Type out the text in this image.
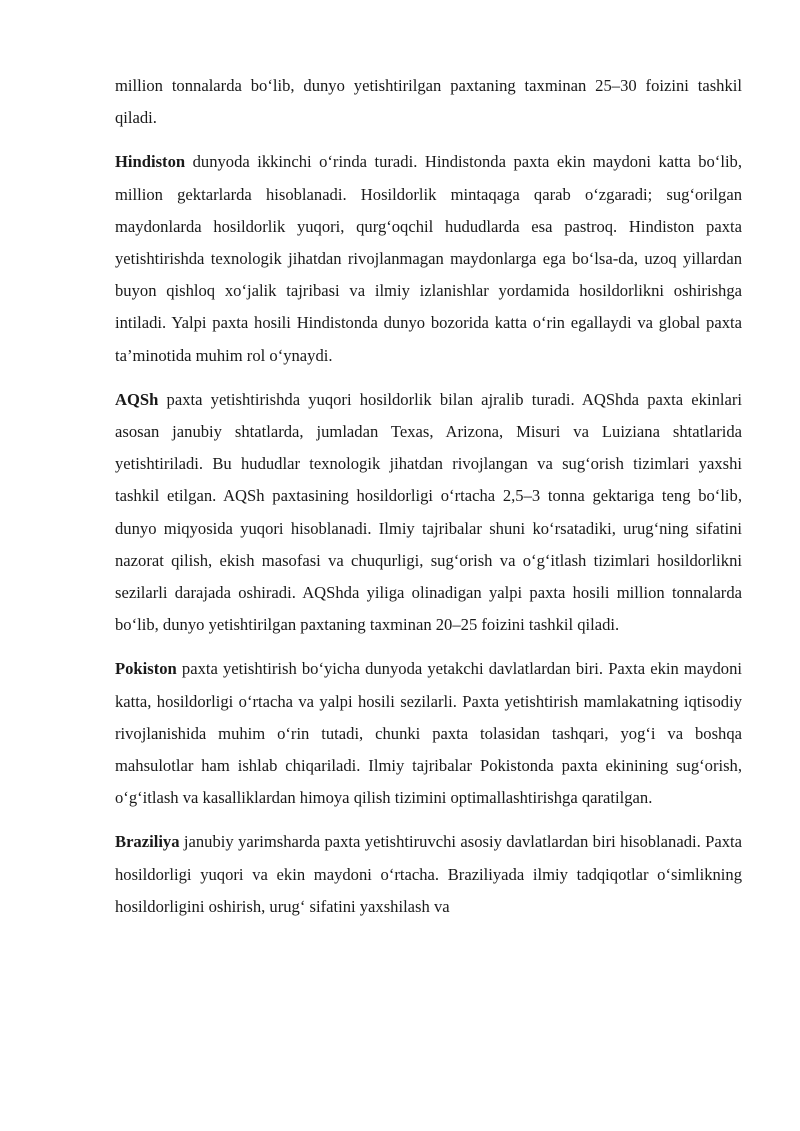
million tonnalarda bo‘lib, dunyo yetishtirilgan paxtaning taxminan 25–30 foizini tashkil qiladi.

Hindiston dunyoda ikkinchi o‘rinda turadi. Hindistonda paxta ekin maydoni katta bo‘lib, million gektarlarda hisoblanadi. Hosildorlik mintaqaga qarab o‘zgaradi; sug‘orilgan maydonlarda hosildorlik yuqori, qurg‘oqchil hududlarda esa pastroq. Hindiston paxta yetishtirishda texnologik jihatdan rivojlanmagan maydonlarga ega bo‘lsa-da, uzoq yillardan buyon qishloq xo‘jalik tajribasi va ilmiy izlanishlar yordamida hosildorlikni oshirishga intiladi. Yalpi paxta hosili Hindistonda dunyo bozorida katta o‘rin egallaydi va global paxta ta’minotida muhim rol o‘ynaydi.

AQSh paxta yetishtirishda yuqori hosildorlik bilan ajralib turadi. AQShda paxta ekinlari asosan janubiy shtatlarda, jumladan Texas, Arizona, Misuri va Luiziana shtatlarida yetishtiriladi. Bu hududlar texnologik jihatdan rivojlangan va sug‘orish tizimlari yaxshi tashkil etilgan. AQSh paxtasining hosildorligi o‘rtacha 2,5–3 tonna gektariga teng bo‘lib, dunyo miqyosida yuqori hisoblanadi. Ilmiy tajribalar shuni ko‘rsatadiki, urug‘ning sifatini nazorat qilish, ekish masofasi va chuqurligi, sug‘orish va o‘g‘itlash tizimlari hosildorlikni sezilarli darajada oshiradi. AQShda yiliga olinadigan yalpi paxta hosili million tonnalarda bo‘lib, dunyo yetishtirilgan paxtaning taxminan 20–25 foizini tashkil qiladi.

Pokiston paxta yetishtirish bo‘yicha dunyoda yetakchi davlatlardan biri. Paxta ekin maydoni katta, hosildorligi o‘rtacha va yalpi hosili sezilarli. Paxta yetishtirish mamlakatning iqtisodiy rivojlanishida muhim o‘rin tutadi, chunki paxta tolasidan tashqari, yog‘i va boshqa mahsulotlar ham ishlab chiqariladi. Ilmiy tajribalar Pokistonda paxta ekinining sug‘orish, o‘g‘itlash va kasalliklardan himoya qilish tizimini optimallashtirishga qaratilgan.

Braziliya janubiy yarimsharda paxta yetishtiruvchi asosiy davlatlardan biri hisoblanadi. Paxta hosildorligi yuqori va ekin maydoni o‘rtacha. Braziliyada ilmiy tadqiqotlar o‘simlikning hosildorligini oshirish, urug‘ sifatini yaxshilash va
